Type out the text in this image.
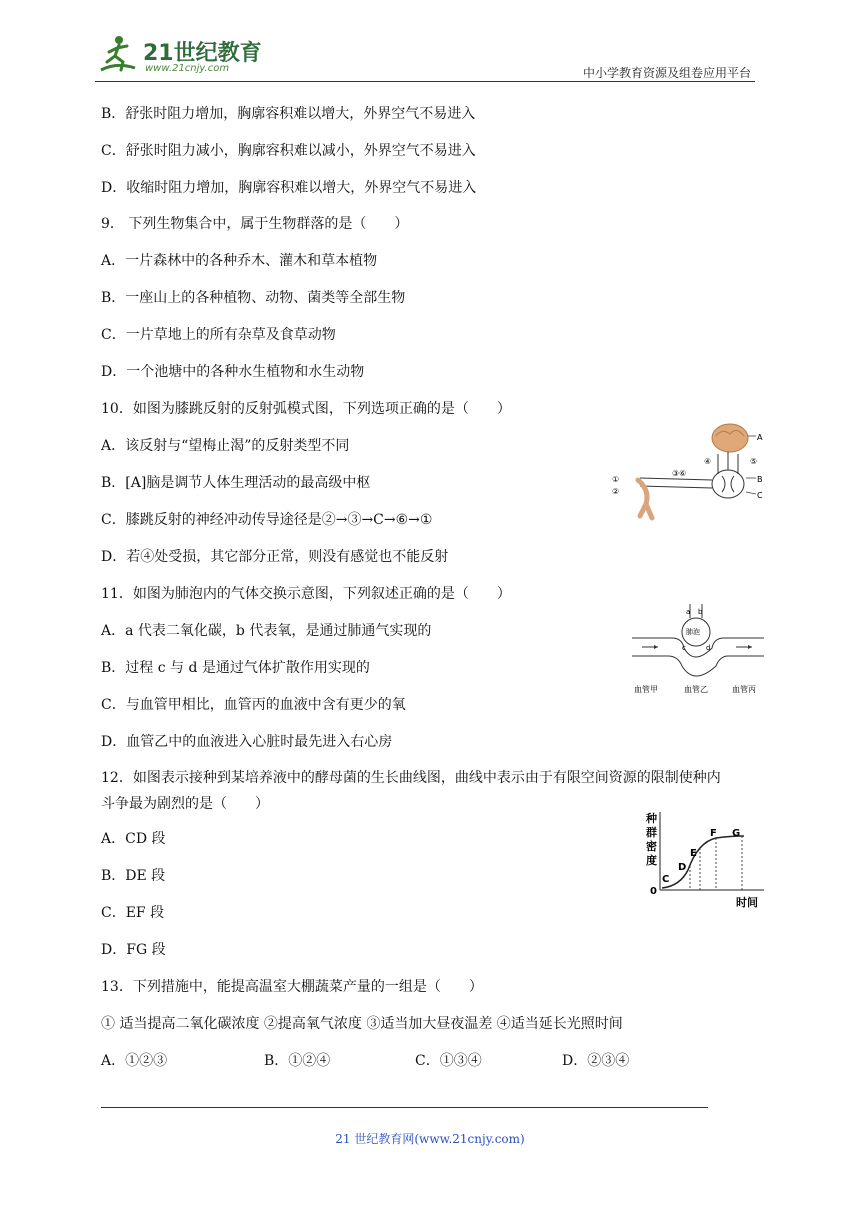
21世纪教育
www.21cnjy.com	中小学教育资源及组卷应用平台
B．舒张时阻力增加，胸廓容积难以增大，外界空气不易进入
C．舒张时阻力减小，胸廓容积难以减小，外界空气不易进入
D．收缩时阻力增加，胸廓容积难以增大，外界空气不易进入
9． 下列生物集合中，属于生物群落的是（　　）
A．一片森林中的各种乔木、灌木和草本植物
B．一座山上的各种植物、动物、菌类等全部生物
C．一片草地上的所有杂草及食草动物
D．一个池塘中的各种水生植物和水生动物
10．如图为膝跳反射的反射弧模式图，下列选项正确的是（　　）
A．该反射与“望梅止渴”的反射类型不同
B．[A]脑是调节人体生理活动的最高级中枢
C．膝跳反射的神经冲动传导途径是②→③→C→⑥→①
D．若④处受损，其它部分正常，则没有感觉也不能反射
11．如图为肺泡内的气体交换示意图，下列叙述正确的是（　　）
A．a 代表二氧化碳，b 代表氧，是通过肺通气实现的
B．过程 c 与 d 是通过气体扩散作用实现的
C．与血管甲相比，血管丙的血液中含有更少的氧
D．血管乙中的血液进入心脏时最先进入右心房
12．如图表示接种到某培养液中的酵母菌的生长曲线图，曲线中表示由于有限空间资源的限制使种内
斗争最为剧烈的是（　　）
A．CD 段
B．DE 段
C．EF 段
D．FG 段
13．下列措施中，能提高温室大棚蔬菜产量的一组是（　　）
① 适当提高二氧化碳浓度 ②提高氧气浓度 ③适当加大昼夜温差 ④适当延长光照时间
A．①②③	B．①②④	C．①③④	D．②③④
A
B
C
①
②
③⑥
④	⑤
a b
肺泡
c	d
血管甲	血管乙	血管丙
种
群
密
度
0
时间
C
D
E
F G
21 世纪教育网(www.21cnjy.com)
